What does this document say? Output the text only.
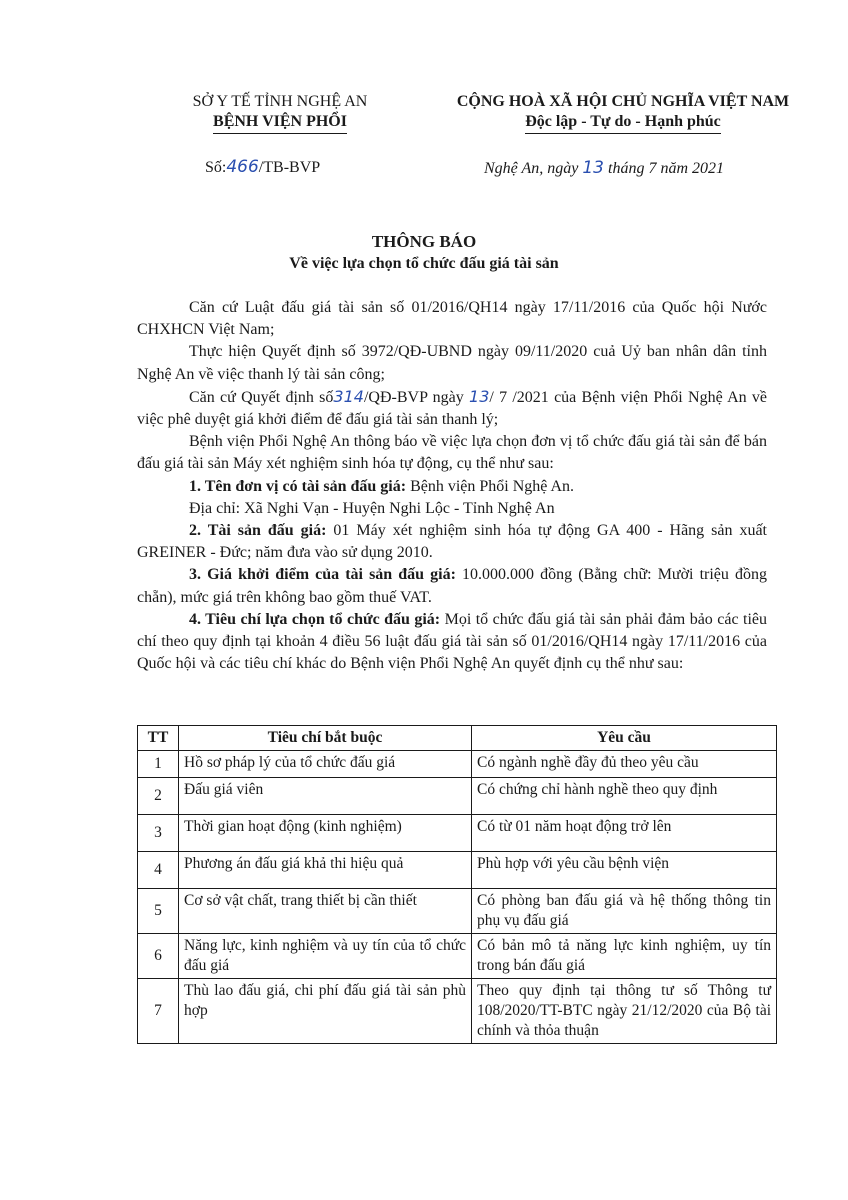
SỞ Y TẾ TỈNH NGHỆ AN
BỆNH VIỆN PHỔI
CỘNG HOÀ XÃ HỘI CHỦ NGHĨA VIỆT NAM
Độc lập - Tự do - Hạnh phúc
Số:466/TB-BVP	Nghệ An, ngày 13 tháng 7 năm 2021
THÔNG BÁO
Về việc lựa chọn tổ chức đấu giá tài sản

Căn cứ Luật đấu giá tài sản số 01/2016/QH14 ngày 17/11/2016 của Quốc hội Nước CHXHCN Việt Nam;

Thực hiện Quyết định số 3972/QĐ-UBND ngày 09/11/2020 cuả Uỷ ban nhân dân tỉnh Nghệ An về việc thanh lý tài sản công;

Căn cứ Quyết định số314/QĐ-BVP ngày 13/ 7 /2021 của Bệnh viện Phổi Nghệ An về việc phê duyệt giá khởi điểm để đấu giá tài sản thanh lý;

Bệnh viện Phổi Nghệ An thông báo về việc lựa chọn đơn vị tổ chức đấu giá tài sản để bán đấu giá tài sản Máy xét nghiệm sinh hóa tự động, cụ thể như sau:

1. Tên đơn vị có tài sản đấu giá: Bệnh viện Phổi Nghệ An.

Địa chỉ: Xã Nghi Vạn - Huyện Nghi Lộc - Tỉnh Nghệ An

2. Tài sản đấu giá: 01 Máy xét nghiệm sinh hóa tự động GA 400 - Hãng sản xuất GREINER - Đức; năm đưa vào sử dụng 2010.

3. Giá khởi điểm của tài sản đấu giá: 10.000.000 đồng (Bằng chữ: Mười triệu đồng chẵn), mức giá trên không bao gồm thuế VAT.

4. Tiêu chí lựa chọn tổ chức đấu giá: Mọi tổ chức đấu giá tài sản phải đảm bảo các tiêu chí theo quy định tại khoản 4 điều 56 luật đấu giá tài sản số 01/2016/QH14 ngày 17/11/2016 của Quốc hội và các tiêu chí khác do Bệnh viện Phổi Nghệ An quyết định cụ thể như sau:

TT	Tiêu chí bắt buộc	Yêu cầu
1	Hồ sơ pháp lý của tổ chức đấu giá	Có ngành nghề đầy đủ theo yêu cầu
2	Đấu giá viên	Có chứng chỉ hành nghề theo quy định
3	Thời gian hoạt động (kinh nghiệm)	Có từ 01 năm hoạt động trở lên
4	Phương án đấu giá khả thi hiệu quả	Phù hợp với yêu cầu bệnh viện
5	Cơ sở vật chất, trang thiết bị cần thiết	Có phòng ban đấu giá và hệ thống thông tin phụ vụ đấu giá
6	Năng lực, kinh nghiệm và uy tín của tổ chức đấu giá	Có bản mô tả năng lực kinh nghiệm, uy tín trong bán đấu giá
7	Thù lao đấu giá, chi phí đấu giá tài sản phù hợp	Theo quy định tại thông tư số Thông tư 108/2020/TT-BTC ngày 21/12/2020 của Bộ tài chính và thỏa thuận
